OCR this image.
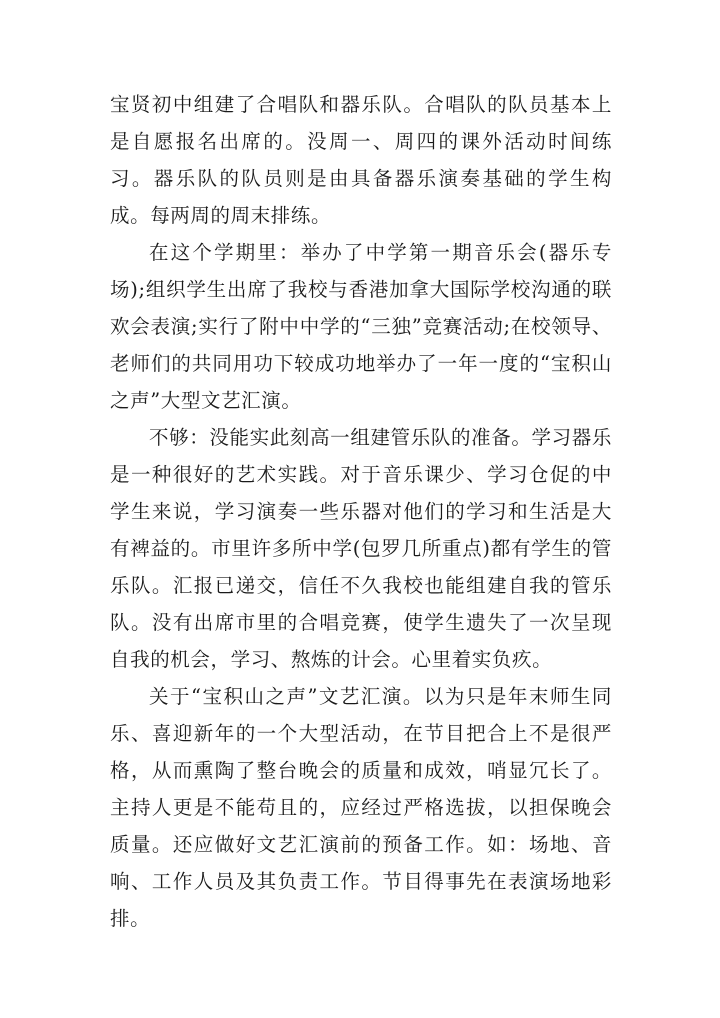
宝贤初中组建了合唱队和器乐队。合唱队的队员基本上是自愿报名出席的。没周一、周四的课外活动时间练习。器乐队的队员则是由具备器乐演奏基础的学生构成。每两周的周末排练。

在这个学期里：举办了中学第一期音乐会(器乐专场);组织学生出席了我校与香港加拿大国际学校沟通的联欢会表演;实行了附中中学的“三独”竞赛活动;在校领导、老师们的共同用功下较成功地举办了一年一度的“宝积山之声”大型文艺汇演。

不够：没能实此刻高一组建管乐队的准备。学习器乐是一种很好的艺术实践。对于音乐课少、学习仓促的中学生来说，学习演奏一些乐器对他们的学习和生活是大有裨益的。市里许多所中学(包罗几所重点)都有学生的管乐队。汇报已递交，信任不久我校也能组建自我的管乐队。没有出席市里的合唱竞赛，使学生遗失了一次呈现自我的机会，学习、熬炼的计会。心里着实负疚。

关于“宝积山之声”文艺汇演。以为只是年末师生同乐、喜迎新年的一个大型活动，在节目把合上不是很严格，从而熏陶了整台晚会的质量和成效，哨显冗长了。主持人更是不能苟且的，应经过严格选拔，以担保晚会质量。还应做好文艺汇演前的预备工作。如：场地、音响、工作人员及其负责工作。节目得事先在表演场地彩排。
